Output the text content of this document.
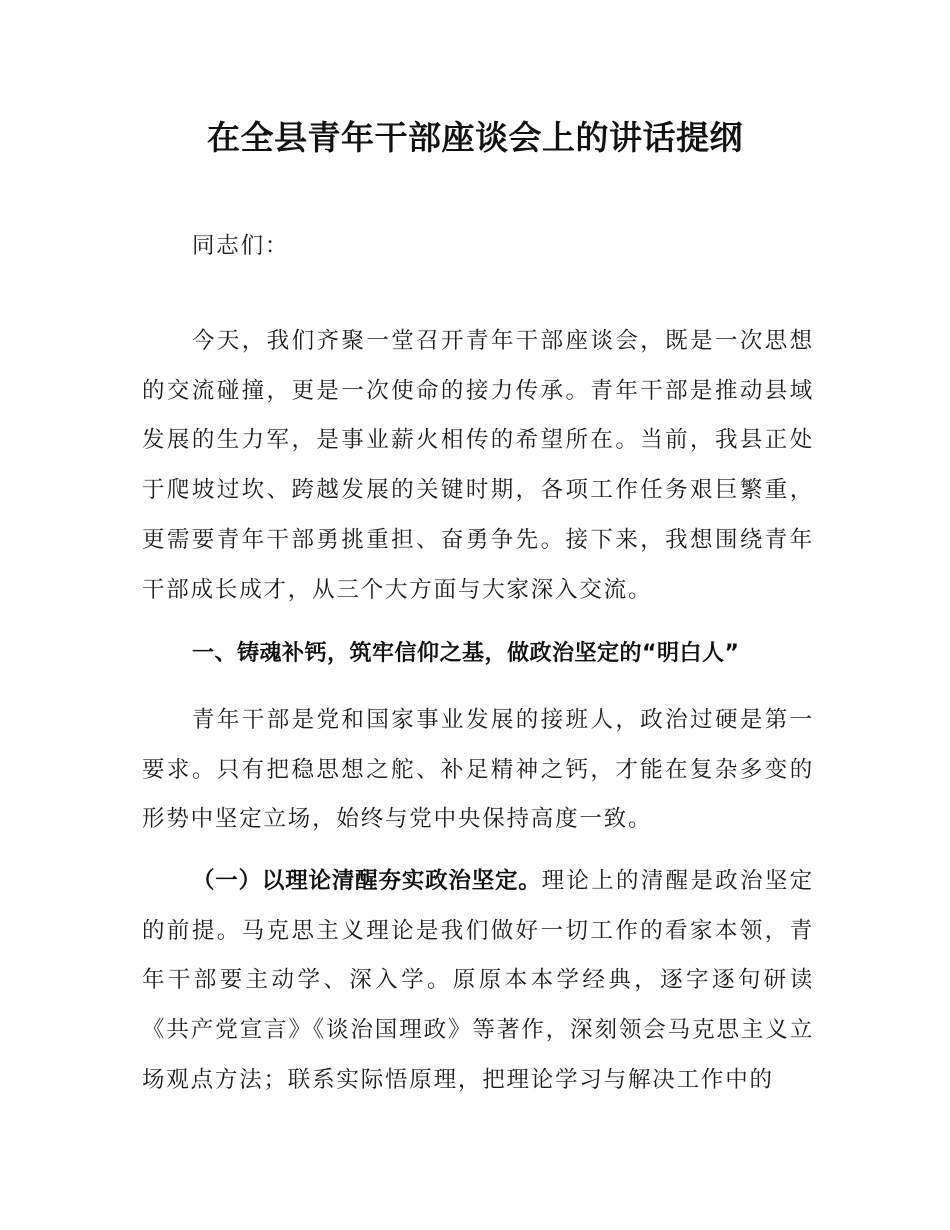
在全县青年干部座谈会上的讲话提纲

同志们：

今天，我们齐聚一堂召开青年干部座谈会，既是一次思想的交流碰撞，更是一次使命的接力传承。青年干部是推动县域发展的生力军，是事业薪火相传的希望所在。当前，我县正处于爬坡过坎、跨越发展的关键时期，各项工作任务艰巨繁重，更需要青年干部勇挑重担、奋勇争先。接下来，我想围绕青年干部成长成才，从三个大方面与大家深入交流。

一、铸魂补钙，筑牢信仰之基，做政治坚定的“明白人”

青年干部是党和国家事业发展的接班人，政治过硬是第一要求。只有把稳思想之舵、补足精神之钙，才能在复杂多变的形势中坚定立场，始终与党中央保持高度一致。

（一）以理论清醒夯实政治坚定。理论上的清醒是政治坚定的前提。马克思主义理论是我们做好一切工作的看家本领，青年干部要主动学、深入学。原原本本学经典，逐字逐句研读《共产党宣言》《谈治国理政》等著作，深刻领会马克思主义立场观点方法；联系实际悟原理，把理论学习与解决工作中的
